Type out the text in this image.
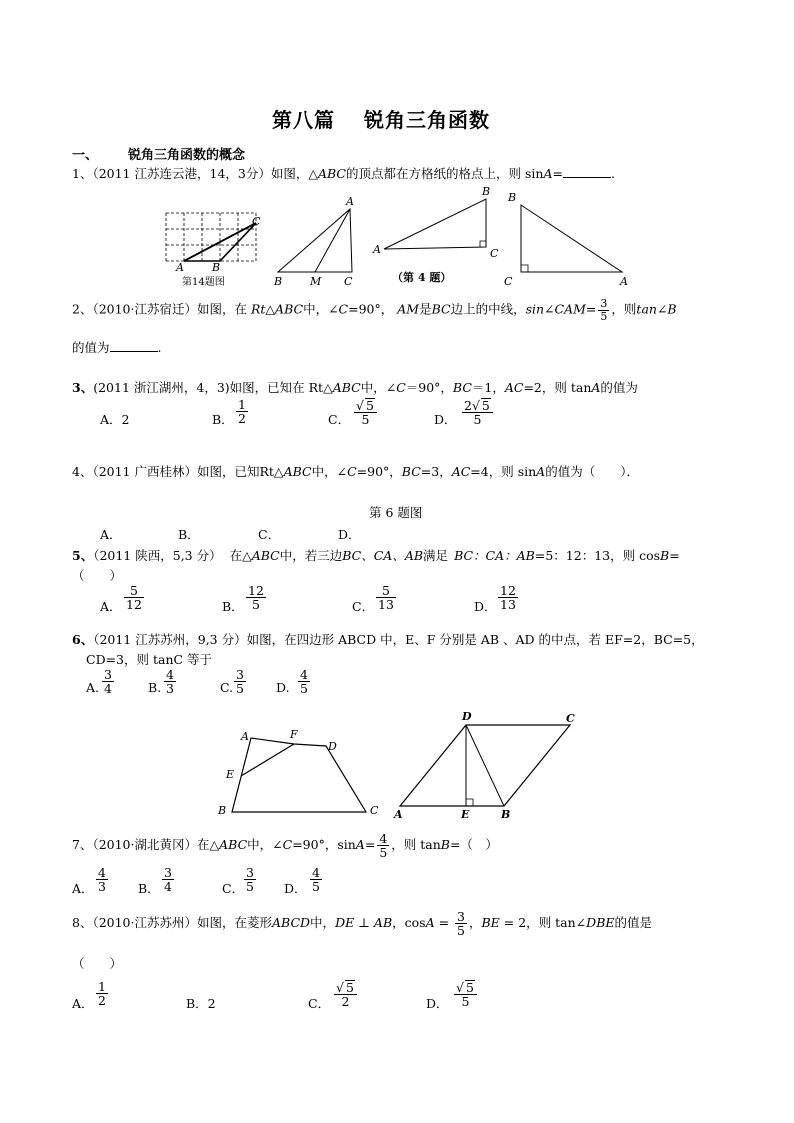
第八篇　 锐角三角函数
一、 锐角三角函数的概念
1、（2011 江苏连云港，14，3分）如图，△ABC的顶点都在方格纸的格点上，则 sinA=	.
A	B
C
第14题图
A
B	M C
A
B
C
（第 4 题）
B
C	A
2、（2010·江苏宿迁）如图，在 Rt△ABC中，∠C=90°， AM是BC边上的中线，sin∠CAM= $\frac{3}{5}$ ，则tan∠B
的值为	.
3、(2011 浙江湖州，4，3)如图，已知在 Rt△ABC中，∠C＝90°，BC＝1，AC=2，则 tanA的值为
A．2	B． $\frac{1}{2}$	C． $\frac{√ 5}{5}$	D． $\frac{2√ 5}{5}$
4、（2011 广西桂林）如图，已知Rt△ABC中，∠C=90°，BC=3，AC=4，则 sinA的值为（　　）．
第 6 题图
A．	B．	C．	D．
5、（2011 陕西，5,3 分） 在△ABC中，若三边BC、CA、AB满足 BC：CA：AB=5：12：13，则 cosB=
（　　）
A． $\frac{5}{12}$	B． $\frac{12}{5}$	C． $\frac{5}{13}$	D． $\frac{12}{13}$
6、（2011 江苏苏州，9,3 分）如图，在四边形 ABCD 中，E、F 分别是 AB 、AD 的中点，若 EF=2，BC=5，
CD=3，则 tanC 等于
A. $\frac{3}{4}$	B. $\frac{4}{3}$	C. $\frac{3}{5} D$. $\frac{4}{5}$
A	F
D
E
B	C
D	C
A	E	B
7、（2010·湖北黄冈）在△ABC中，∠C=90°，$\sin A= \frac{4}{5}$ ，则 tanB=（　）
A． $\frac{4}{3}$ B． $\frac{3}{4}$	C． $\frac{3}{5}$ D． $\frac{4}{5}$
8、（2010·江苏苏州）如图，在菱形ABCD中，DE ⊥ AB，$\cos A = \frac{3}{5}$ ，BE = 2，则 tan∠DBE的值是
（　　）
A． $\frac{1}{2}$	B．2	C． $\frac{√ 5}{2}$	D． $\frac{√ 5}{5}$
